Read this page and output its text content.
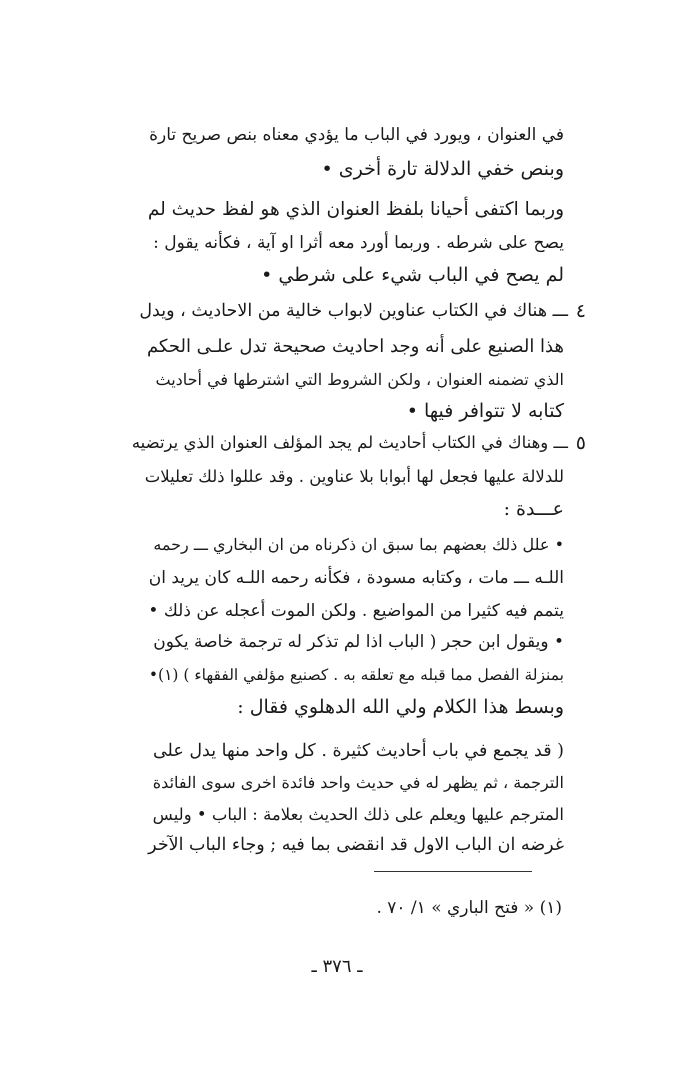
في العنوان ، ويورد في الباب ما يؤدي معناه بنص صريح تارة
وبنص خفي الدلالة تارة أخرى •
وربما اكتفى أحيانا بلفظ العنوان الذي هو لفظ حديث لم
يصح على شرطه . وربما أورد معه أثرا او آية ، فكأنه يقول :
لم يصح في الباب شيء على شرطي •
٤
ـــ هناك في الكتاب عناوين لابواب خالية من الاحاديث ، ويدل
هذا الصنيع على أنه وجد احاديث صحيحة تدل علـى الحكم
الذي تضمنه العنوان ، ولكن الشروط التي اشترطها في أحاديث
كتابه لا تتوافر فيها •
٥
ـــ وهناك في الكتاب أحاديث لم يجد المؤلف العنوان الذي يرتضيه
للدلالة عليها فجعل لها أبوابا بلا عناوين . وقد عللوا ذلك تعليلات
عـــدة :
• علل ذلك بعضهم بما سبق ان ذكرناه من ان البخاري ـــ رحمه
اللـه ـــ مات ، وكتابه مسودة ، فكأنه رحمه اللـه كان يريد ان
يتمم فيه كثيرا من المواضيع . ولكن الموت أعجله عن ذلك •
• ويقول ابن حجر ( الباب اذا لم تذكر له ترجمة خاصة يكون
بمنزلة الفصل مما قبله مع تعلقه به . كصنيع مؤلفي الفقهاء ) (١)•
وبسط هذا الكلام ولي الله الدهلوي فقال :
( قد يجمع في باب أحاديث كثيرة . كل واحد منها يدل على
الترجمة ، ثم يظهر له في حديث واحد فائدة اخرى سوى الفائدة
المترجم عليها ويعلم على ذلك الحديث بعلامة : الباب • وليس
غرضه ان الباب الاول قد انقضى بما فيه ; وجاء الباب الآخر
(١) « فتح الباري » ١/ ٧٠ .
ـ ٣٧٦ ـ
